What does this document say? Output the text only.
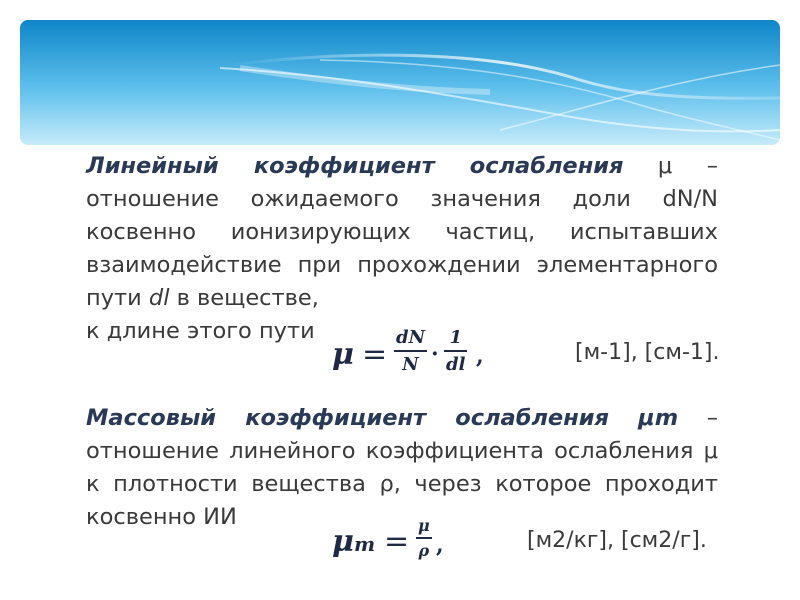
Линейный коэффициент ослабления μ – отношение ожидаемого значения доли dN/N косвенно ионизирующих частиц, испытавших взаимодействие при прохождении элементарного пути dl в веществе,
к длине этого пути
μ = dN
N ·
1
dl ,	[м-1], [см-1].
Массовый коэффициент ослабления μm – отношение линейного коэффициента ослабления μ к плотности вещества ρ, через которое проходит косвенно ИИ
μm = μ
ρ ,	[м2/кг], [см2/г].
